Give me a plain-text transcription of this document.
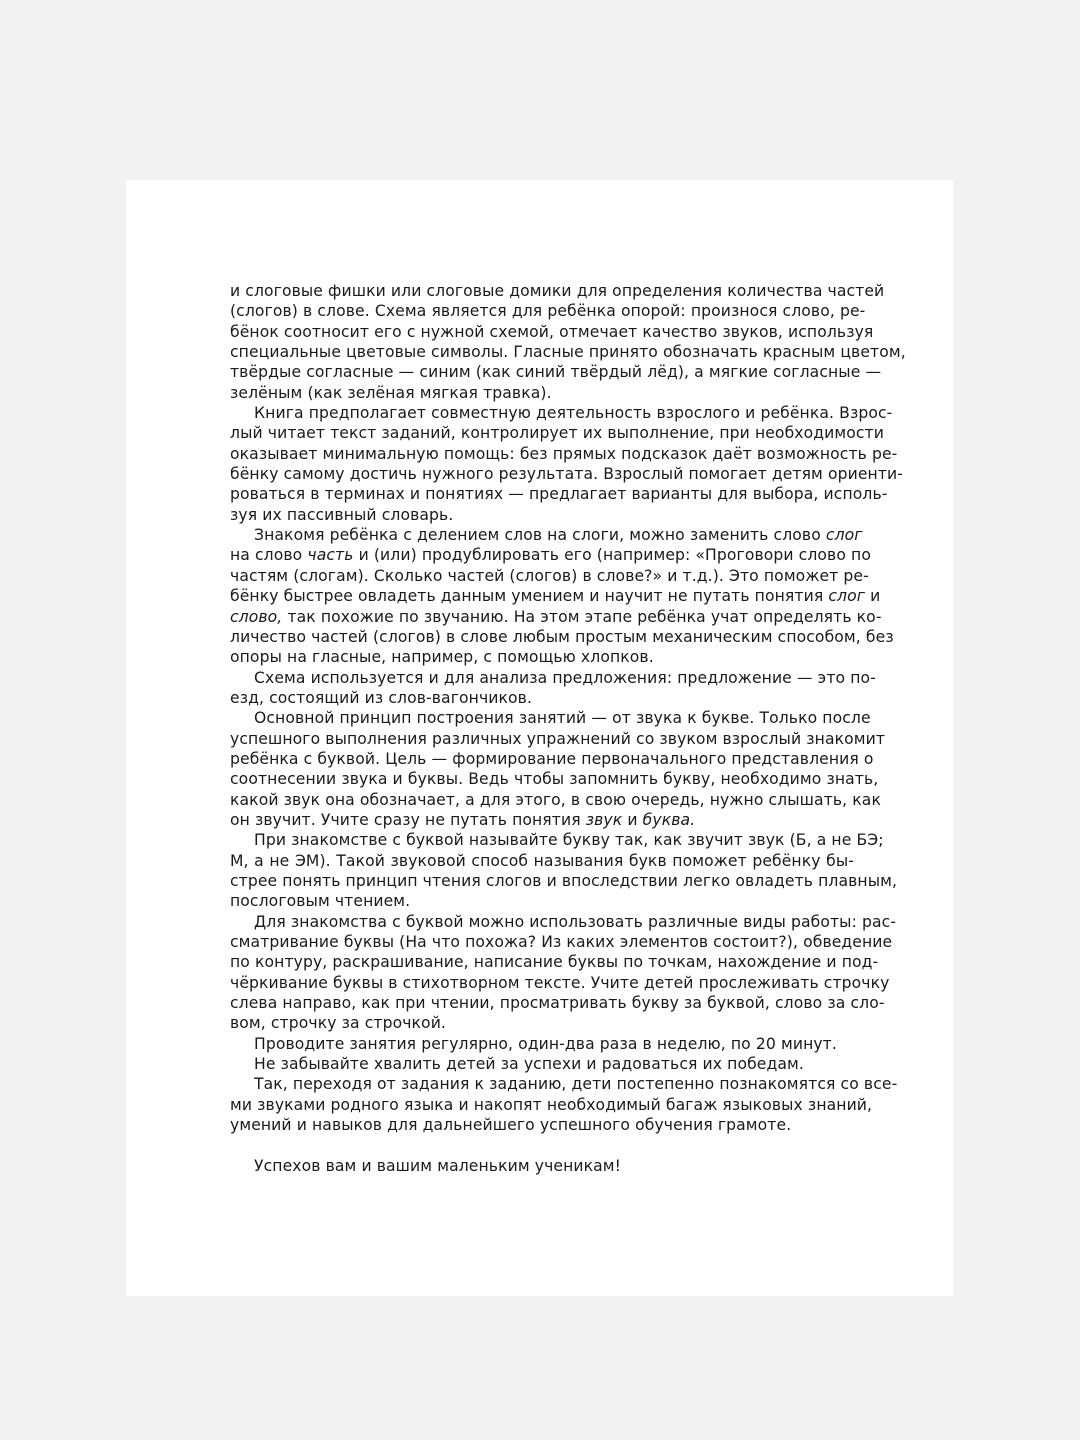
и слоговые фишки или слоговые домики для определения количества частей
(слогов) в слове. Схема является для ребёнка опорой: произнося слово, ре-
бёнок соотносит его с нужной схемой, отмечает качество звуков, используя
специальные цветовые символы. Гласные принято обозначать красным цветом,
твёрдые согласные — синим (как синий твёрдый лёд), а мягкие согласные —
зелёным (как зелёная мягкая травка).
Книга предполагает совместную деятельность взрослого и ребёнка. Взрос-
лый читает текст заданий, контролирует их выполнение, при необходимости
оказывает минимальную помощь: без прямых подсказок даёт возможность ре-
бёнку самому достичь нужного результата. Взрослый помогает детям ориенти-
роваться в терминах и понятиях — предлагает варианты для выбора, исполь-
зуя их пассивный словарь.
Знакомя ребёнка с делением слов на слоги, можно заменить слово слог
на слово часть и (или) продублировать его (например: «Проговори слово по
частям (слогам). Сколько частей (слогов) в слове?» и т.д.). Это поможет ре-
бёнку быстрее овладеть данным умением и научит не путать понятия слог и
слово, так похожие по звучанию. На этом этапе ребёнка учат определять ко-
личество частей (слогов) в слове любым простым механическим способом, без
опоры на гласные, например, с помощью хлопков.
Схема используется и для анализа предложения: предложение — это по-
езд, состоящий из слов-вагончиков.
Основной принцип построения занятий — от звука к букве. Только после
успешного выполнения различных упражнений со звуком взрослый знакомит
ребёнка с буквой. Цель — формирование первоначального представления о
соотнесении звука и буквы. Ведь чтобы запомнить букву, необходимо знать,
какой звук она обозначает, а для этого, в свою очередь, нужно слышать, как
он звучит. Учите сразу не путать понятия звук и буква.
При знакомстве с буквой называйте букву так, как звучит звук (Б, а не БЭ;
М, а не ЭМ). Такой звуковой способ называния букв поможет ребёнку бы-
стрее понять принцип чтения слогов и впоследствии легко овладеть плавным,
послоговым чтением.
Для знакомства с буквой можно использовать различные виды работы: рас-
сматривание буквы (На что похожа? Из каких элементов состоит?), обведение
по контуру, раскрашивание, написание буквы по точкам, нахождение и под-
чёркивание буквы в стихотворном тексте. Учите детей прослеживать строчку
слева направо, как при чтении, просматривать букву за буквой, слово за сло-
вом, строчку за строчкой.
Проводите занятия регулярно, один-два раза в неделю, по 20 минут.
Не забывайте хвалить детей за успехи и радоваться их победам.
Так, переходя от задания к заданию, дети постепенно познакомятся со все-
ми звуками родного языка и накопят необходимый багаж языковых знаний,
умений и навыков для дальнейшего успешного обучения грамоте.
Успехов вам и вашим маленьким ученикам!
